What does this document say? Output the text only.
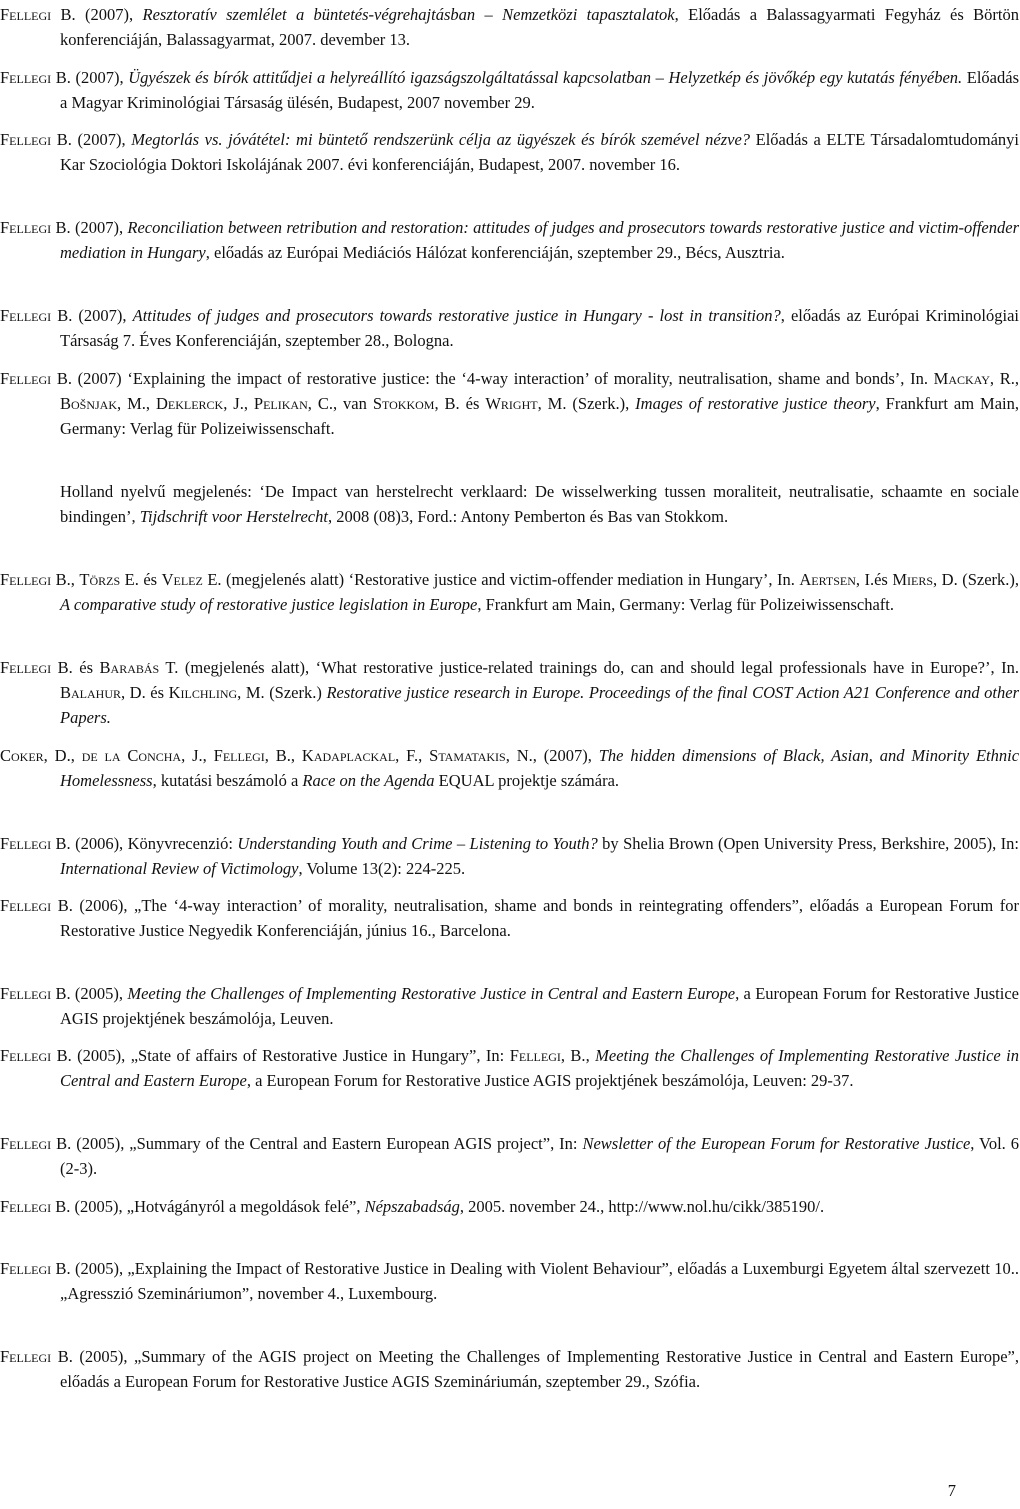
Fellegi B. (2007), Resztoratív szemlélet a büntetés-végrehajtásban – Nemzetközi tapasztalatok, Előadás a Balassagyarmati Fegyház és Börtön konferenciáján, Balassagyarmat, 2007. devember 13.

Fellegi B. (2007), Ügyészek és bírók attitűdjei a helyreállító igazságszolgáltatással kapcsolatban – Helyzetkép és jövőkép egy kutatás fényében. Előadás a Magyar Kriminológiai Társaság ülésén, Budapest, 2007 november 29.

Fellegi B. (2007), Megtorlás vs. jóvátétel: mi büntető rendszerünk célja az ügyészek és bírók szemével nézve? Előadás a ELTE Társadalomtudományi Kar Szociológia Doktori Iskolájának 2007. évi konferenciáján, Budapest, 2007. november 16.

Fellegi B. (2007), Reconciliation between retribution and restoration: attitudes of judges and prosecutors towards restorative justice and victim-offender mediation in Hungary, előadás az Európai Mediációs Hálózat konferenciáján, szeptember 29., Bécs, Ausztria.

Fellegi B. (2007), Attitudes of judges and prosecutors towards restorative justice in Hungary - lost in transition?, előadás az Európai Kriminológiai Társaság 7. Éves Konferenciáján, szeptember 28., Bologna.

Fellegi B. (2007) ‘Explaining the impact of restorative justice: the ‘4-way interaction’ of morality, neutralisation, shame and bonds’, In. Mackay, R., Bošnjak, M., Deklerck, J., Pelikan, C., van Stokkom, B. és Wright, M. (Szerk.), Images of restorative justice theory, Frankfurt am Main, Germany: Verlag für Polizeiwissenschaft.

Holland nyelvű megjelenés: ‘De Impact van herstelrecht verklaard: De wisselwerking tussen moraliteit, neutralisatie, schaamte en sociale bindingen’, Tijdschrift voor Herstelrecht, 2008 (08)3, Ford.: Antony Pemberton és Bas van Stokkom.

Fellegi B., Törzs E. és Velez E. (megjelenés alatt) ‘Restorative justice and victim-offender mediation in Hungary’, In. Aertsen, I.és Miers, D. (Szerk.), A comparative study of restorative justice legislation in Europe, Frankfurt am Main, Germany: Verlag für Polizeiwissenschaft.

Fellegi B. és Barabás T. (megjelenés alatt), ‘What restorative justice-related trainings do, can and should legal professionals have in Europe?’, In. Balahur, D. és Kilchling, M. (Szerk.) Restorative justice research in Europe. Proceedings of the final COST Action A21 Conference and other Papers.

Coker, D., de la Concha, J., Fellegi, B., Kadaplackal, F., Stamatakis, N., (2007), The hidden dimensions of Black, Asian, and Minority Ethnic Homelessness, kutatási beszámoló a Race on the Agenda EQUAL projektje számára.

Fellegi B. (2006), Könyvrecenzió: Understanding Youth and Crime – Listening to Youth? by Shelia Brown (Open University Press, Berkshire, 2005), In: International Review of Victimology, Volume 13(2): 224-225.

Fellegi B. (2006), „The ‘4-way interaction’ of morality, neutralisation, shame and bonds in reintegrating offenders”, előadás a European Forum for Restorative Justice Negyedik Konferenciáján, június 16., Barcelona.

Fellegi B. (2005), Meeting the Challenges of Implementing Restorative Justice in Central and Eastern Europe, a European Forum for Restorative Justice AGIS projektjének beszámolója, Leuven.

Fellegi B. (2005), „State of affairs of Restorative Justice in Hungary”, In: Fellegi, B., Meeting the Challenges of Implementing Restorative Justice in Central and Eastern Europe, a European Forum for Restorative Justice AGIS projektjének beszámolója, Leuven: 29-37.

Fellegi B. (2005), „Summary of the Central and Eastern European AGIS project”, In: Newsletter of the European Forum for Restorative Justice, Vol. 6 (2-3).

Fellegi B. (2005), „Hotvágányról a megoldások felé”, Népszabadság, 2005. november 24., http://www.nol.hu/cikk/385190/.

Fellegi B. (2005), „Explaining the Impact of Restorative Justice in Dealing with Violent Behaviour”, előadás a Luxemburgi Egyetem által szervezett 10.. „Agresszió Szemináriumon”, november 4., Luxembourg.

Fellegi B. (2005), „Summary of the AGIS project on Meeting the Challenges of Implementing Restorative Justice in Central and Eastern Europe”, előadás a European Forum for Restorative Justice AGIS Szemináriumán, szeptember 29., Szófia.

7
